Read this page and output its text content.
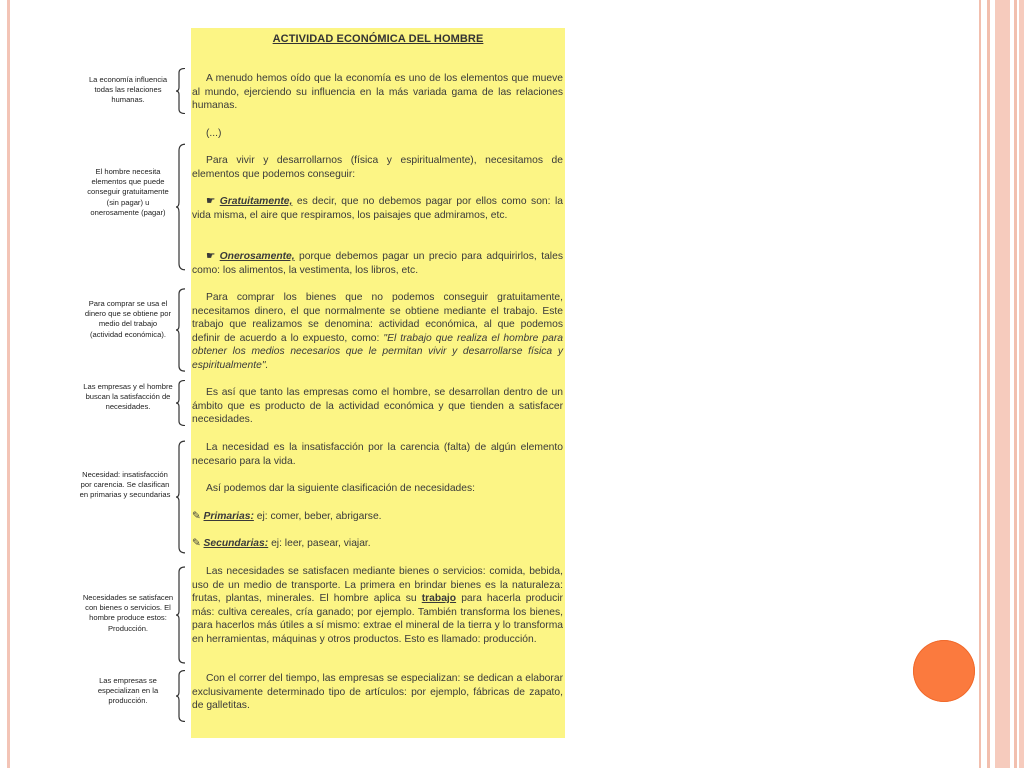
La economía influencia todas las relaciones humanas.
El hombre necesita elementos que puede conseguir gratuitamente (sin pagar) u onerosamente (pagar)
Para comprar se usa el dinero que se obtiene por medio del trabajo (actividad económica).
Las empresas y el hombre buscan la satisfacción de necesidades.
Necesidad: insatisfacción por carencia. Se clasifican en primarias y secundarias
Necesidades se satisfacen con bienes o servicios. El hombre produce estos: Producción.
Las empresas se especializan en la producción.
ACTIVIDAD ECONÓMICA DEL HOMBRE
A menudo hemos oído que la economía es uno de los elementos que mueve al mundo, ejerciendo su influencia en la más variada gama de las relaciones humanas.
(...)
Para vivir y desarrollarnos (física y espiritualmente), necesitamos de elementos que podemos conseguir:
☛ Gratuitamente, es decir, que no debemos pagar por ellos como son: la vida misma, el aire que respiramos, los paisajes que admiramos, etc.
☛ Onerosamente, porque debemos pagar un precio para adquirirlos, tales como: los alimentos, la vestimenta, los libros, etc.
Para comprar los bienes que no podemos conseguir gratuitamente, necesitamos dinero, el que normalmente se obtiene mediante el trabajo. Este trabajo que realizamos se denomina: actividad económica, al que podemos definir de acuerdo a lo expuesto, como: "El trabajo que realiza el hombre para obtener los medios necesarios que le permitan vivir y desarrollarse física y espiritualmente".
Es así que tanto las empresas como el hombre, se desarrollan dentro de un ámbito que es producto de la actividad económica y que tienden a satisfacer necesidades.
La necesidad es la insatisfacción por la carencia (falta) de algún elemento necesario para la vida.
Así podemos dar la siguiente clasificación de necesidades:
✎ Primarias: ej: comer, beber, abrigarse.
✎ Secundarias: ej: leer, pasear, viajar.
Las necesidades se satisfacen mediante bienes o servicios: comida, bebida, uso de un medio de transporte. La primera en brindar bienes es la naturaleza: frutas, plantas, minerales. El hombre aplica su trabajo para hacerla producir más: cultiva cereales, cría ganado; por ejemplo. También transforma los bienes, para hacerlos más útiles a sí mismo: extrae el mineral de la tierra y lo transforma en herramientas, máquinas y otros productos. Esto es llamado: producción.
Con el correr del tiempo, las empresas se especializan: se dedican a elaborar exclusivamente determinado tipo de artículos: por ejemplo, fábricas de zapato, de galletitas.
